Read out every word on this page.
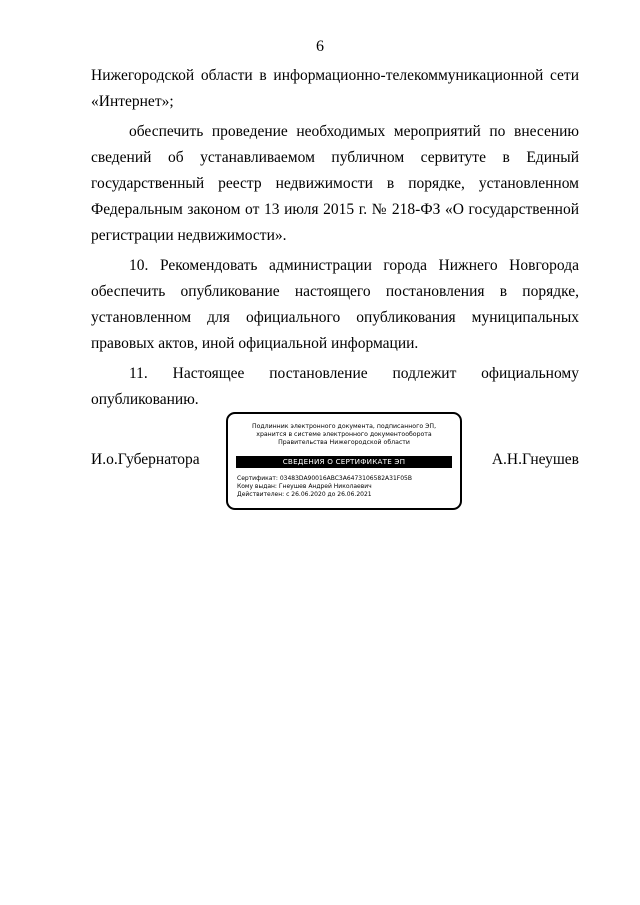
6

Нижегородской области в информационно-телекоммуникационной сети «Интернет»;

обеспечить проведение необходимых мероприятий по внесению сведений об устанавливаемом публичном сервитуте в Единый государственный реестр недвижимости в порядке, установленном Федеральным законом от 13 июля 2015 г. № 218-ФЗ «О государственной регистрации недвижимости».

10. Рекомендовать администрации города Нижнего Новгорода обеспечить опубликование настоящего постановления в порядке, установленном для официального опубликования муниципальных правовых актов, иной официальной информации.

11. Настоящее постановление подлежит официальному опубликованию.

И.о.Губернатора
Подлинник электронного документа, подписанного ЭП,
хранится в системе электронного документооборота
Правительства Нижегородской области
СВЕДЕНИЯ О СЕРТИФИКАТЕ ЭП
Сертификат: 03483DA90016ABC3A6473106582A31F05B
Кому выдан: Гнеушев Андрей Николаевич
Действителен: с 26.06.2020 до 26.06.2021
А.Н.Гнеушев
